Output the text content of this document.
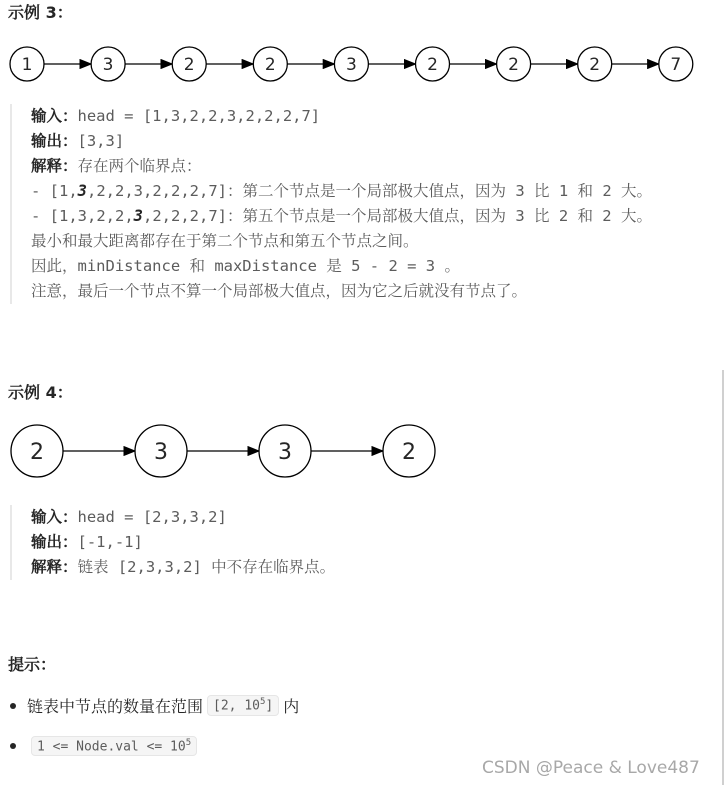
示例 3：
1	3	2	2	3	2	2	2	7
输入：head = [1,3,2,2,3,2,2,2,7]
输出：[3,3]
解释：存在两个临界点：
- [1,3,2,2,3,2,2,2,7]：第二个节点是一个局部极大值点，因为 3 比 1 和 2 大。
- [1,3,2,2,3,2,2,2,7]：第五个节点是一个局部极大值点，因为 3 比 2 和 2 大。
最小和最大距离都存在于第二个节点和第五个节点之间。
因此，minDistance 和 maxDistance 是 5 - 2 = 3 。
注意，最后一个节点不算一个局部极大值点，因为它之后就没有节点了。
示例 4：
2	3	3	2
输入：head = [2,3,3,2]
输出：[-1,-1]
解释：链表 [2,3,3,2] 中不存在临界点。
提示：
链表中节点的数量在范围 [2, $10^5$] 内
1 <= Node.val <= $10^5$
CSDN @Peace & Love487
